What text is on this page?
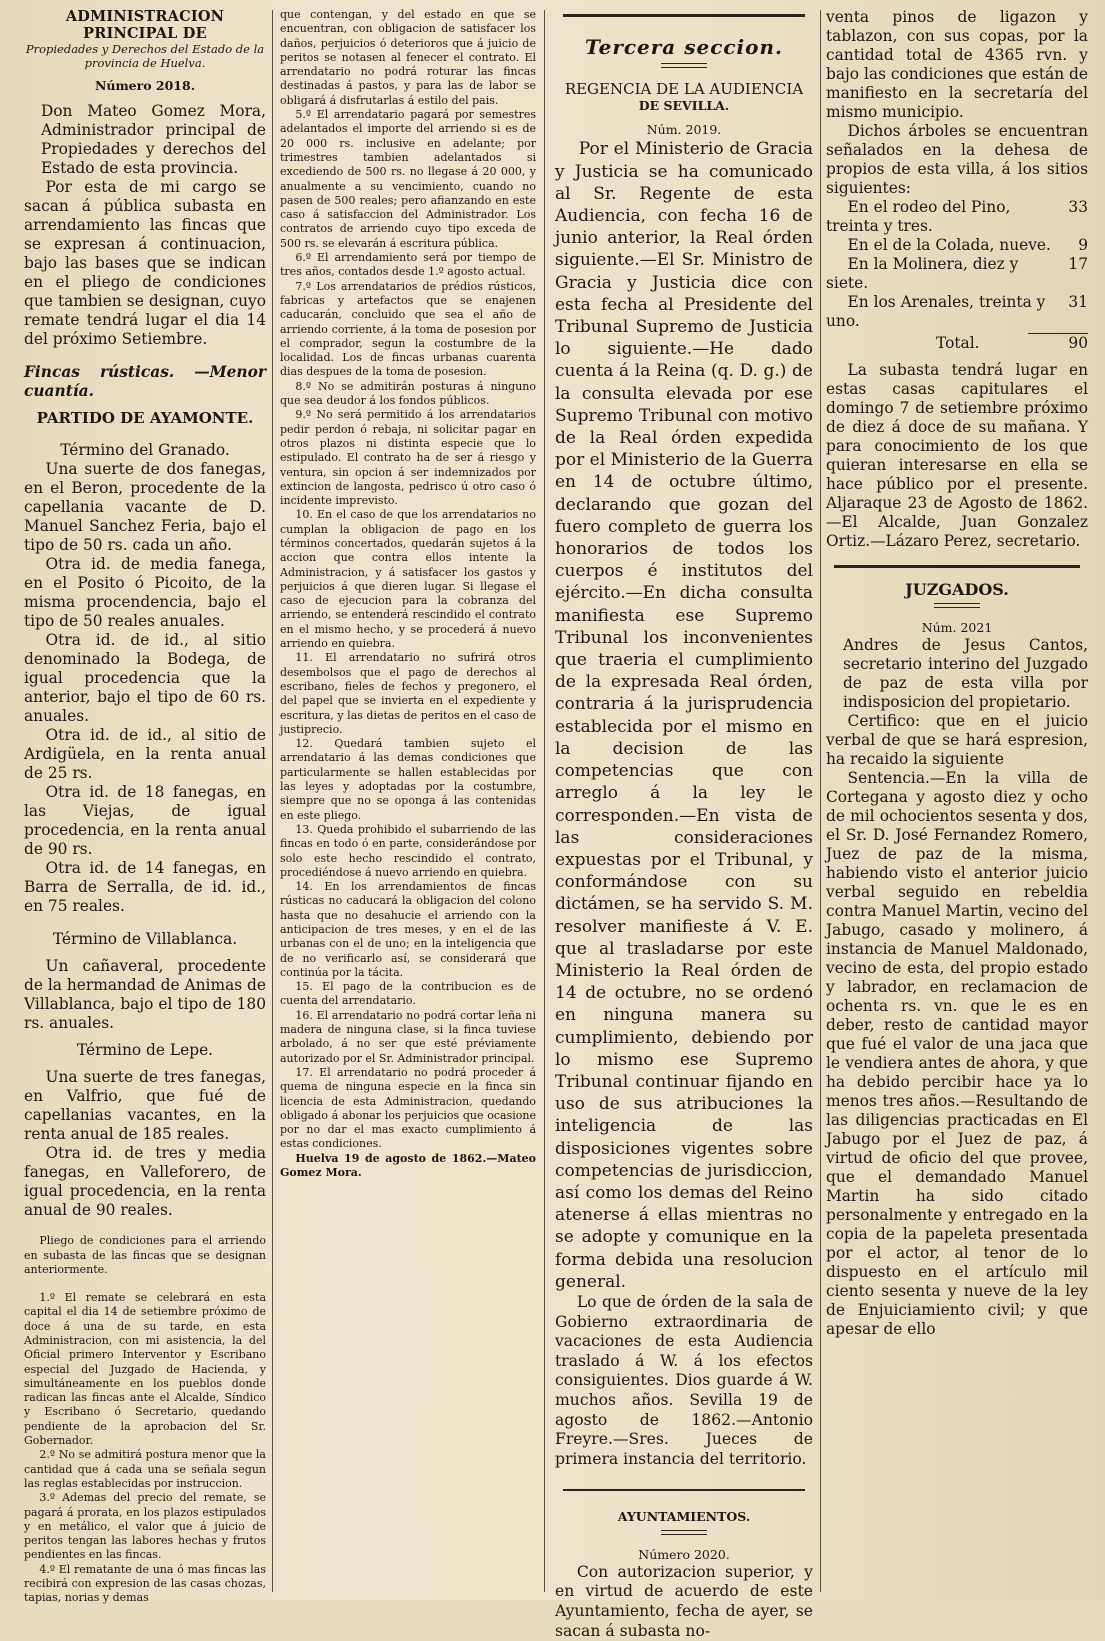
ADMINISTRACION PRINCIPAL DE
Propiedades y Derechos del Estado de la provincia de Huelva.

Número 2018.

Don Mateo Gomez Mora, Administrador principal de Propiedades y derechos del Estado de esta provincia.

Por esta de mi cargo se sacan á pública subasta en arrendamiento las fincas que se expresan á continuacion, bajo las bases que se indican en el pliego de condiciones que tambien se designan, cuyo remate tendrá lugar el dia 14 del próximo Setiembre.

Fincas rústicas. —Menor cuantía.

PARTIDO DE AYAMONTE.

Término del Granado.

Una suerte de dos fanegas, en el Beron, procedente de la capellania vacante de D. Manuel Sanchez Feria, bajo el tipo de 50 rs. cada un año.

Otra id. de media fanega, en el Posito ó Picoito, de la misma procendencia, bajo el tipo de 50 reales anuales.

Otra id. de id., al sitio denominado la Bodega, de igual procedencia que la anterior, bajo el tipo de 60 rs. anuales.

Otra id. de id., al sitio de Ardigüela, en la renta anual de 25 rs.

Otra id. de 18 fanegas, en las Viejas, de igual procedencia, en la renta anual de 90 rs.

Otra id. de 14 fanegas, en Barra de Serralla, de id. id., en 75 reales.

Término de Villablanca.

Un cañaveral, procedente de la hermandad de Animas de Villablanca, bajo el tipo de 180 rs. anuales.

Término de Lepe.

Una suerte de tres fanegas, en Valfrio, que fué de capellanias vacantes, en la renta anual de 185 reales.

Otra id. de tres y media fanegas, en Valleforero, de igual procedencia, en la renta anual de 90 reales.

Pliego de condiciones para el arriendo en subasta de las fincas que se designan anteriormente.

1.º El remate se celebrará en esta capital el dia 14 de setiembre próximo de doce á una de su tarde, en esta Administracion, con mi asistencia, la del Oficial primero Interventor y Escribano especial del Juzgado de Hacienda, y simultáneamente en los pueblos donde radican las fincas ante el Alcalde, Síndico y Escribano ó Secretario, quedando pendiente de la aprobacion del Sr. Gobernador.

2.º No se admitirá postura menor que la cantidad que á cada una se señala segun las reglas establecidas por instruccion.

3.º Ademas del precio del remate, se pagará á prorata, en los plazos estipulados y en metálico, el valor que á juicio de peritos tengan las labores hechas y frutos pendientes en las fincas.

4.º El rematante de una ó mas fincas las recibirá con expresion de las casas chozas, tapias, norias y demas

que contengan, y del estado en que se encuentran, con obligacion de satisfacer los daños, perjuicios ó deterioros que á juicio de peritos se notasen al fenecer el contrato. El arrendatario no podrá roturar las fincas destinadas á pastos, y para las de labor se obligará á disfrutarlas á estilo del pais.

5.º El arrendatario pagará por semestres adelantados el importe del arriendo si es de 20 000 rs. inclusive en adelante; por trimestres tambien adelantados si excediendo de 500 rs. no llegase á 20 000, y anualmente a su vencimiento, cuando no pasen de 500 reales; pero afianzando en este caso á satisfaccion del Administrador. Los contratos de arriendo cuyo tipo exceda de 500 rs. se elevarán á escritura pública.

6.º El arrendamiento será por tiempo de tres años, contados desde 1.º agosto actual.

7.º Los arrendatarios de prédios rústicos, fabricas y artefactos que se enajenen caducarán, concluido que sea el año de arriendo corriente, á la toma de posesion por el comprador, segun la costumbre de la localidad. Los de fincas urbanas cuarenta dias despues de la toma de posesion.

8.º No se admitirán posturas á ninguno que sea deudor á los fondos públicos.

9.º No será permitido á los arrendatarios pedir perdon ó rebaja, ni solicitar pagar en otros plazos ni distinta especie que lo estipulado. El contrato ha de ser á riesgo y ventura, sin opcion á ser indemnizados por extincion de langosta, pedrisco ú otro caso ó incidente imprevisto.

10. En el caso de que los arrendatarios no cumplan la obligacion de pago en los términos concertados, quedarán sujetos á la accion que contra ellos intente la Administracion, y á satisfacer los gastos y perjuicios á que dieren lugar. Si llegase el caso de ejecucion para la cobranza del arriendo, se entenderá rescindido el contrato en el mismo hecho, y se procederá á nuevo arriendo en quiebra.

11. El arrendatario no sufrirá otros desembolsos que el pago de derechos al escribano, fieles de fechos y pregonero, el del papel que se invierta en el expediente y escritura, y las dietas de peritos en el caso de justiprecio.

12. Quedará tambien sujeto el arrendatario á las demas condiciones que particularmente se hallen establecidas por las leyes y adoptadas por la costumbre, siempre que no se oponga á las contenidas en este pliego.

13. Queda prohibido el subarriendo de las fincas en todo ó en parte, considerándose por solo este hecho rescindido el contrato, procediéndose á nuevo arriendo en quiebra.

14. En los arrendamientos de fincas rústicas no caducará la obligacion del colono hasta que no desahucie el arriendo con la anticipacion de tres meses, y en el de las urbanas con el de uno; en la inteligencia que de no verificarlo así, se considerará que continúa por la tácita.

15. El pago de la contribucion es de cuenta del arrendatario.

16. El arrendatario no podrá cortar leña ni madera de ninguna clase, si la finca tuviese arbolado, á no ser que esté préviamente autorizado por el Sr. Administrador principal.

17. El arrendatario no podrá proceder á quema de ninguna especie en la finca sin licencia de esta Administracion, quedando obligado á abonar los perjuicios que ocasione por no dar el mas exacto cumplimiento á estas condiciones.

Huelva 19 de agosto de 1862.—Mateo Gomez Mora.

Tercera seccion.

REGENCIA DE LA AUDIENCIA

DE SEVILLA.

Núm. 2019.

Por el Ministerio de Gracia y Justicia se ha comunicado al Sr. Regente de esta Audiencia, con fecha 16 de junio anterior, la Real órden siguiente.—El Sr. Ministro de Gracia y Justicia dice con esta fecha al Presidente del Tribunal Supremo de Justicia lo siguiente.—He dado cuenta á la Reina (q. D. g.) de la consulta elevada por ese Supremo Tribunal con motivo de la Real órden expedida por el Ministerio de la Guerra en 14 de octubre último, declarando que gozan del fuero completo de guerra los honorarios de todos los cuerpos é institutos del ejército.—En dicha consulta manifiesta ese Supremo Tribunal los inconvenientes que traeria el cumplimiento de la expresada Real órden, contraria á la jurisprudencia establecida por el mismo en la decision de las competencias que con arreglo á la ley le corresponden.—En vista de las consideraciones expuestas por el Tribunal, y conformándose con su dictámen, se ha servido S. M. resolver manifieste á V. E. que al trasladarse por este Ministerio la Real órden de 14 de octubre, no se ordenó en ninguna manera su cumplimiento, debiendo por lo mismo ese Supremo Tribunal continuar fijando en uso de sus atribuciones la inteligencia de las disposiciones vigentes sobre competencias de jurisdiccion, así como los demas del Reino atenerse á ellas mientras no se adopte y comunique en la forma debida una resolucion general.

Lo que de órden de la sala de Gobierno extraordinaria de vacaciones de esta Audiencia traslado á W. á los efectos consiguientes. Dios guarde á W. muchos años. Sevilla 19 de agosto de 1862.—Antonio Freyre.—Sres. Jueces de primera instancia del territorio.

AYUNTAMIENTOS.

Número 2020.

Con autorizacion superior, y en virtud de acuerdo de este Ayuntamiento, fecha de ayer, se sacan á subasta no-

venta pinos de ligazon y tablazon, con sus copas, por la cantidad total de 4365 rvn. y bajo las condiciones que están de manifiesto en la secretaría del mismo municipio.

Dichos árboles se encuentran señalados en la dehesa de propios de esta villa, á los sitios siguientes:

En el rodeo del Pino, treinta y tres.
33
En el de la Colada, nueve.	9
En la Molinera, diez y siete.
17
En los Arenales, treinta y uno.
31
Total.	90

La subasta tendrá lugar en estas casas capitulares el domingo 7 de setiembre próximo de diez á doce de su mañana. Y para conocimiento de los que quieran interesarse en ella se hace público por el presente. Aljaraque 23 de Agosto de 1862.—El Alcalde, Juan Gonzalez Ortiz.—Lázaro Perez, secretario.

JUZGADOS.

Núm. 2021

Andres de Jesus Cantos, secretario interino del Juzgado de paz de esta villa por indisposicion del propietario.

Certifico: que en el juicio verbal de que se hará espresion, ha recaido la siguiente

Sentencia.—En la villa de Cortegana y agosto diez y ocho de mil ochocientos sesenta y dos, el Sr. D. José Fernandez Romero, Juez de paz de la misma, habiendo visto el anterior juicio verbal seguido en rebeldia contra Manuel Martin, vecino del Jabugo, casado y molinero, á instancia de Manuel Maldonado, vecino de esta, del propio estado y labrador, en reclamacion de ochenta rs. vn. que le es en deber, resto de cantidad mayor que fué el valor de una jaca que le vendiera antes de ahora, y que ha debido percibir hace ya lo menos tres años.—Resultando de las diligencias practicadas en El Jabugo por el Juez de paz, á virtud de oficio del que provee, que el demandado Manuel Martin ha sido citado personalmente y entregado en la copia de la papeleta presentada por el actor, al tenor de lo dispuesto en el artículo mil ciento sesenta y nueve de la ley de Enjuiciamiento civil; y que apesar de ello
